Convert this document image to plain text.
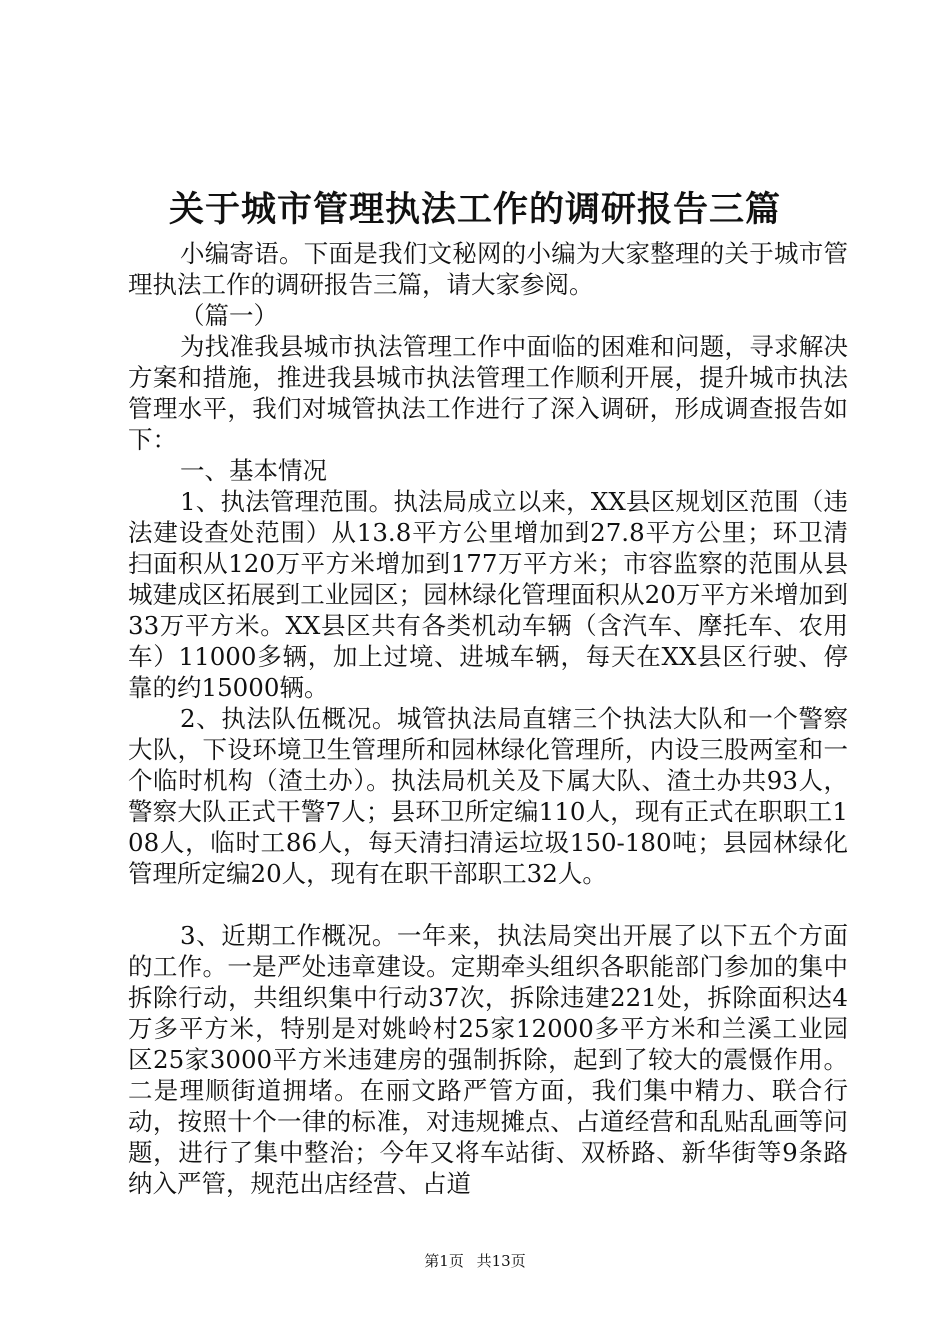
关于城市管理执法工作的调研报告三篇

小编寄语。下面是我们文秘网的小编为大家整理的关于城市管理执法工作的调研报告三篇，请大家参阅。

（篇一）

为找准我县城市执法管理工作中面临的困难和问题，寻求解决方案和措施，推进我县城市执法管理工作顺利开展，提升城市执法管理水平，我们对城管执法工作进行了深入调研，形成调查报告如下：

一、基本情况

1、执法管理范围。执法局成立以来，XX县区规划区范围（违法建设查处范围）从13.8平方公里增加到27.8平方公里；环卫清扫面积从120万平方米增加到177万平方米；市容监察的范围从县城建成区拓展到工业园区；园林绿化管理面积从20万平方米增加到33万平方米。XX县区共有各类机动车辆（含汽车、摩托车、农用车）11000多辆，加上过境、进城车辆，每天在XX县区行驶、停靠的约15000辆。

2、执法队伍概况。城管执法局直辖三个执法大队和一个警察大队，下设环境卫生管理所和园林绿化管理所，内设三股两室和一个临时机构（渣土办）。执法局机关及下属大队、渣土办共93人，警察大队正式干警7人；县环卫所定编110人，现有正式在职职工108人，临时工86人，每天清扫清运垃圾150-180吨；县园林绿化管理所定编20人，现有在职干部职工32人。

3、近期工作概况。一年来，执法局突出开展了以下五个方面的工作。一是严处违章建设。定期牵头组织各职能部门参加的集中拆除行动，共组织集中行动37次，拆除违建221处，拆除面积达4万多平方米，特别是对姚岭村25家12000多平方米和兰溪工业园区25家3000平方米违建房的强制拆除，起到了较大的震慑作用。二是理顺街道拥堵。在丽文路严管方面，我们集中精力、联合行动，按照十个一律的标准，对违规摊点、占道经营和乱贴乱画等问题，进行了集中整治；今年又将车站街、双桥路、新华街等9条路纳入严管，规范出店经营、占道

第1页 共13页
